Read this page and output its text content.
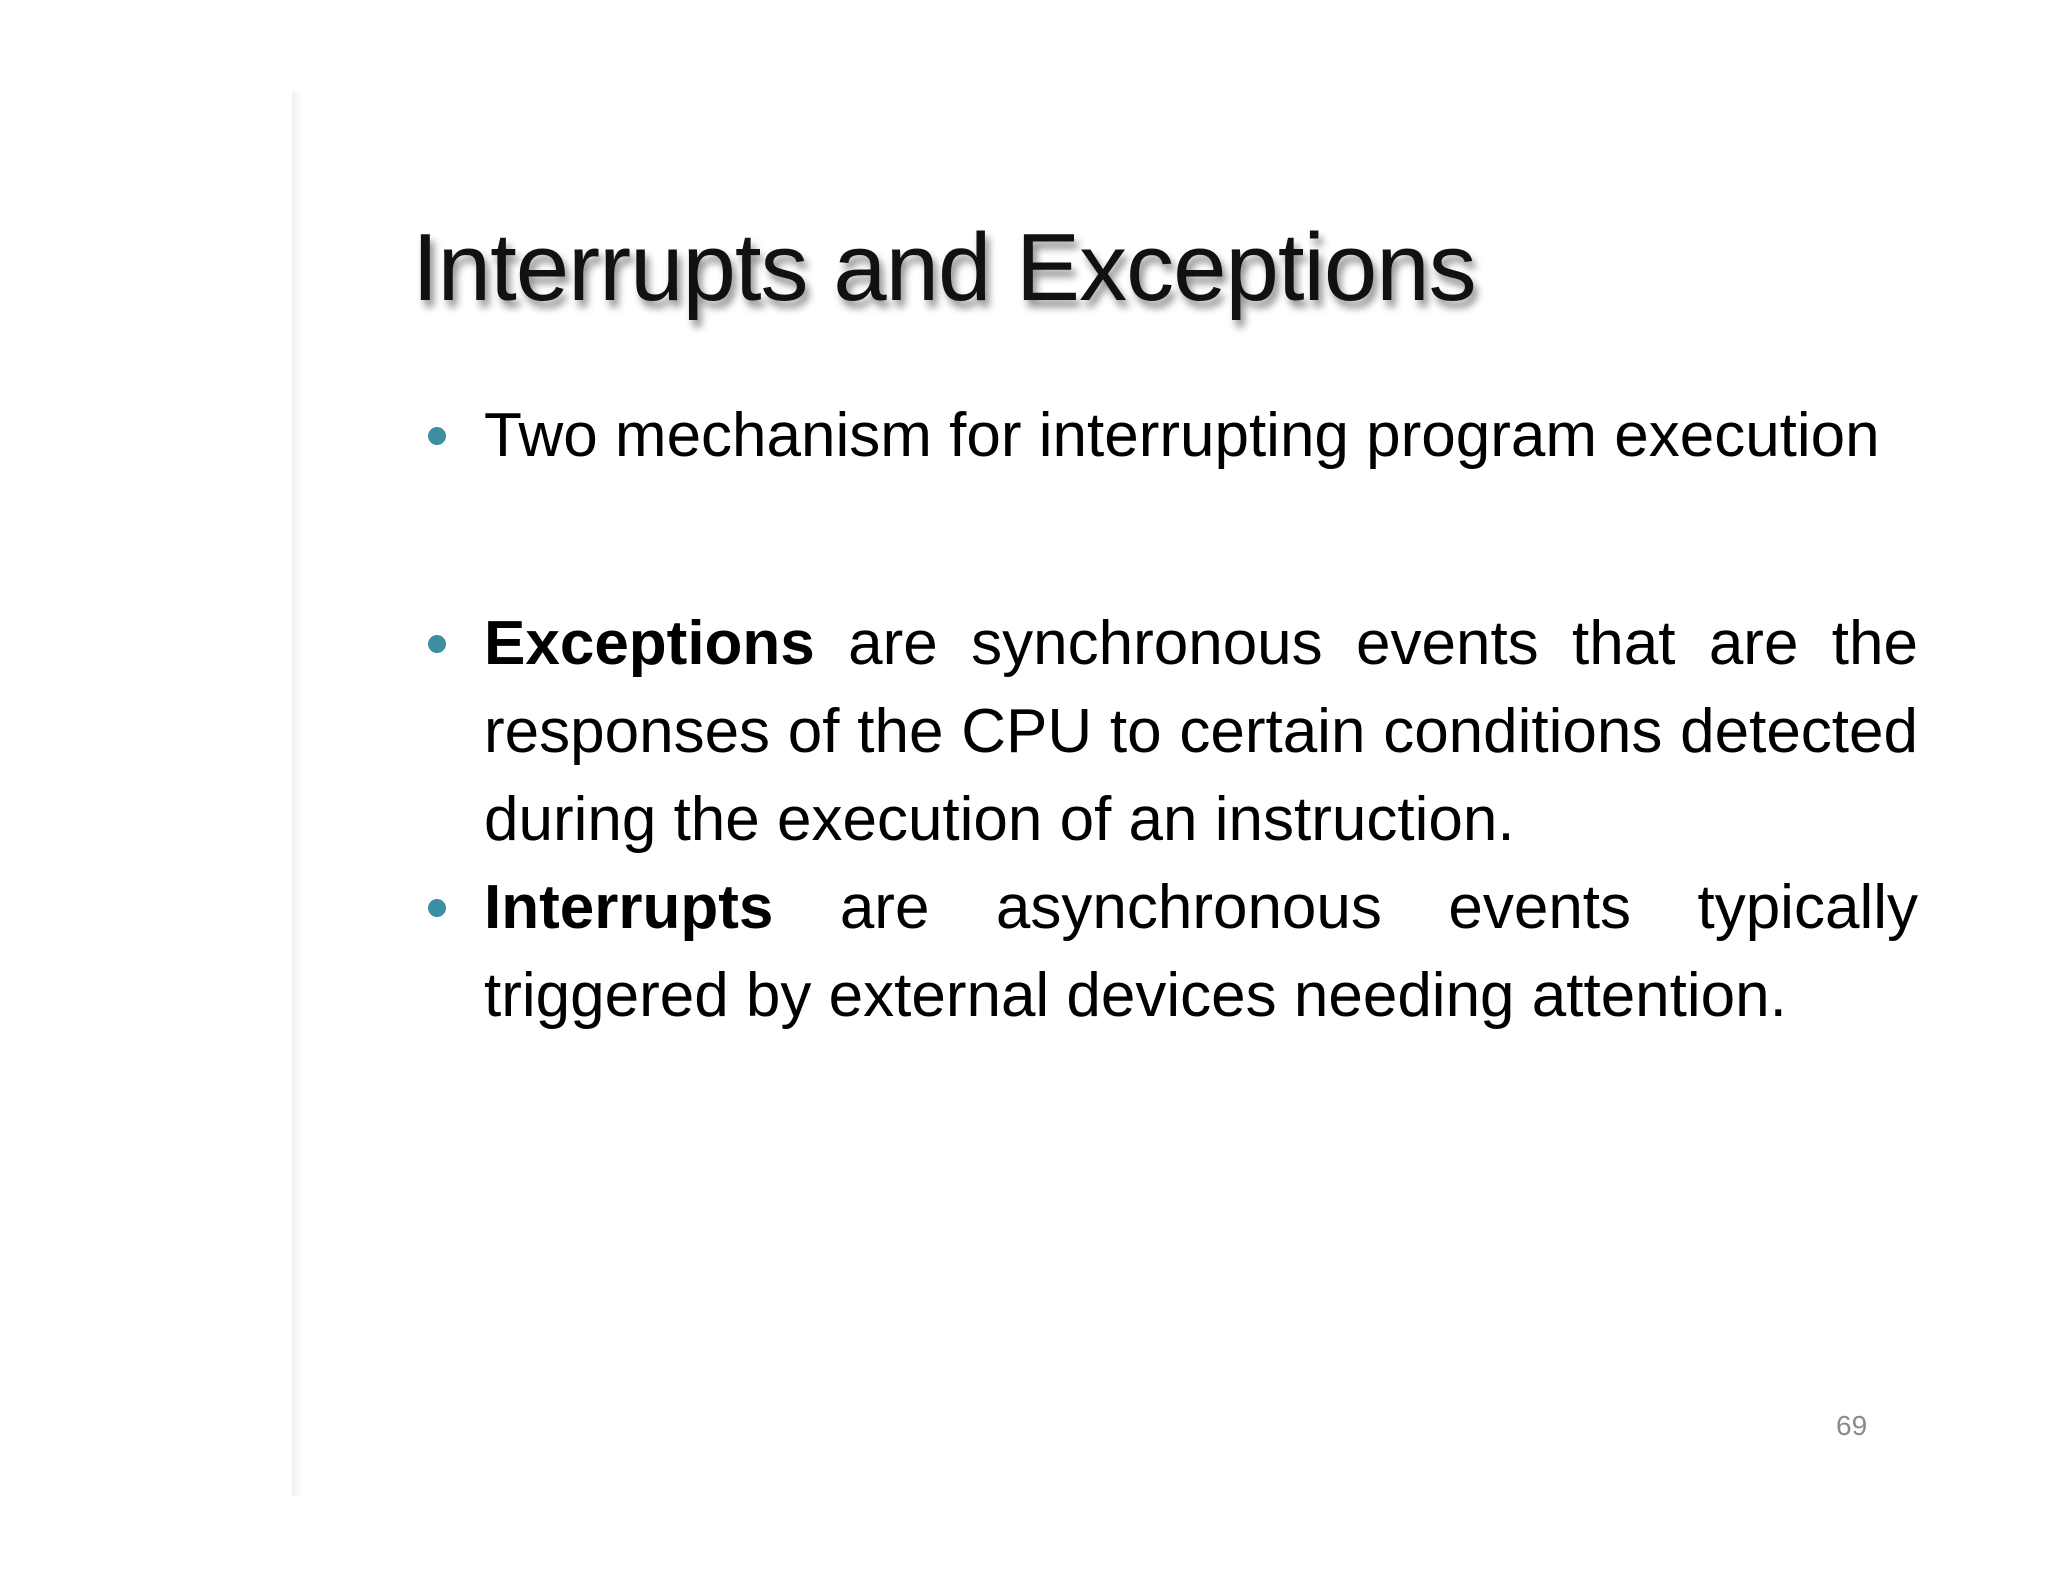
Interrupts and Exceptions
Two mechanism for interrupting program execution
Exceptions are synchronous events that are the responses of the CPU to certain conditions detected during the execution of an instruction.
Interrupts are asynchronous events typically triggered by external devices needing attention.
69
